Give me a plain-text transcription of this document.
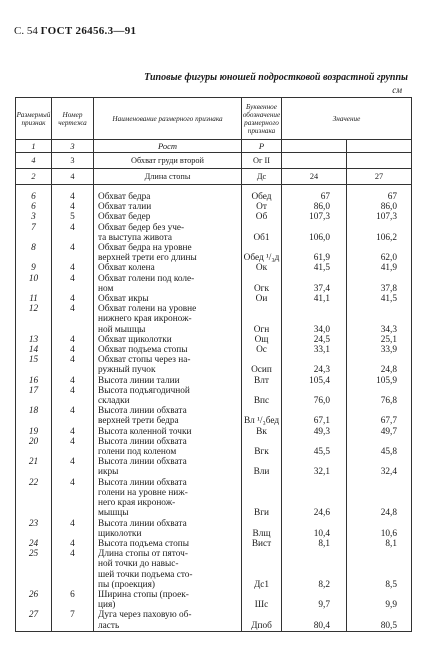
С. 54 ГОСТ 26456.3—91
Типовые фигуры юношей подростковой возрастной группы
см
Размерный признак	Номер чертежа	Наименование размерного признака	Буквенное обозначение размерного признака	Значение	
1	3	Рост	Р		
4	3	Обхват груди второй	Ог II		
2	4	Длина стопы	Дс	24	27

6	4	Обхват бедра	Обед	67	67
6	4	Обхват талии	От	86,0	86,0
3	5	Обхват бедер	Об	107,3	107,3
7	4	Обхват бедер без уче-
та выступа живота	Об1	106,0	106,2
8	4	Обхват бедра на уровне
верхней трети его длины	Обед ¹/₃д	61,9	62,0
9	4	Обхват колена	Ок	41,5	41,9
10	4	Обхват голени под коле-
ном	Огк	37,4	37,8
11	4	Обхват икры	Ои	41,1	41,5
12	4	Обхват голени на уровне
нижнего края икронож-
ной мышцы	Огн	34,0	34,3
13	4	Обхват щиколотки	Ощ	24,5	25,1
14	4	Обхват подъема стопы	Ос	33,1	33,9
15	4	Обхват стопы через на-
ружный пучок	Осип	24,3	24,8
16	4	Высота линии талии	Влт	105,4	105,9
17	4	Высота подъягодичной
складки	Впс	76,0	76,8
18	4	Высота линии обхвата
верхней трети бедра	Вл ¹/₃бед	67,1	67,7
19	4	Высота коленной точки	Вк	49,3	49,7
20	4	Высота линии обхвата
голени под коленом	Вгк	45,5	45,8
21	4	Высота линии обхвата
икры	Вли	32,1	32,4
22	4	Высота линии обхвата
голени на уровне ниж-
него края икронож-
мышцы	Вги	24,6	24,8
23	4	Высота линии обхвата
щиколотки	Влщ	10,4	10,6
24	4	Высота подъема стопы	Вист	8,1	8,1
25	4	Длина стопы от пяточ-
ной точки до навыс-
шей точки подъема сто-
пы (проекция)	Дс1	8,2	8,5
26	6	Ширина стопы (проек-
ция)	Шс	9,7	9,9
27	7	Дуга через паховую об-
ласть	Дпоб	80,4	80,5
